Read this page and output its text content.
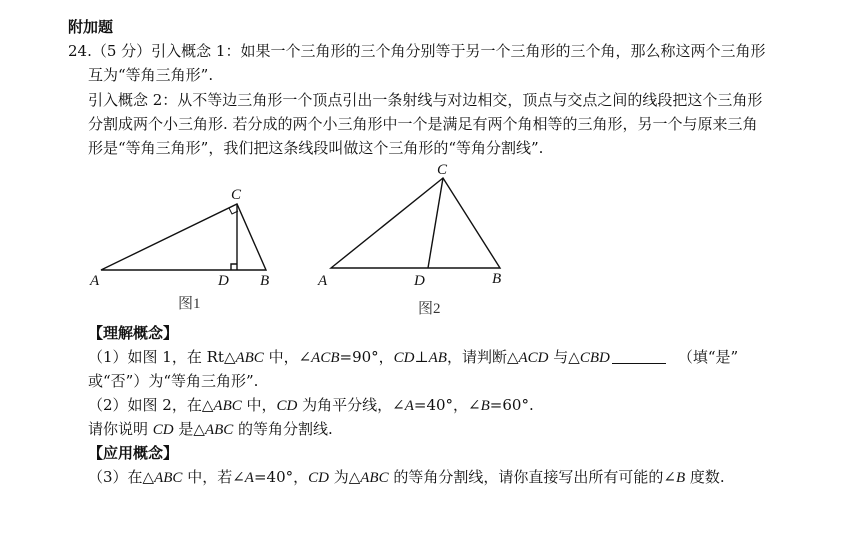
附加题
24.（5 分）引入概念 1：如果一个三角形的三个角分别等于另一个三角形的三个角，那么称这两个三角形
互为“等角三角形”.
引入概念 2：从不等边三角形一个顶点引出一条射线与对边相交，顶点与交点之间的线段把这个三角形
分割成两个小三角形. 若分成的两个小三角形中一个是满足有两个角相等的三角形，另一个与原来三角
形是“等角三角形”，我们把这条线段叫做这个三角形的“等角分割线”.
C
A	D B
图1
C
A	D	B
图2
【理解概念】
（1）如图 1，在 Rt△ABC 中，∠ACB=90°，CD⊥AB，请判断△ACD 与△CBD	（填“是”
或“否”）为“等角三角形”.
（2）如图 2，在△ABC 中，CD 为角平分线，∠A=40°，∠B=60°.
请你说明 CD 是△ABC 的等角分割线.
【应用概念】
（3）在△ABC 中，若∠A=40°，CD 为△ABC 的等角分割线，请你直接写出所有可能的∠B 度数.
